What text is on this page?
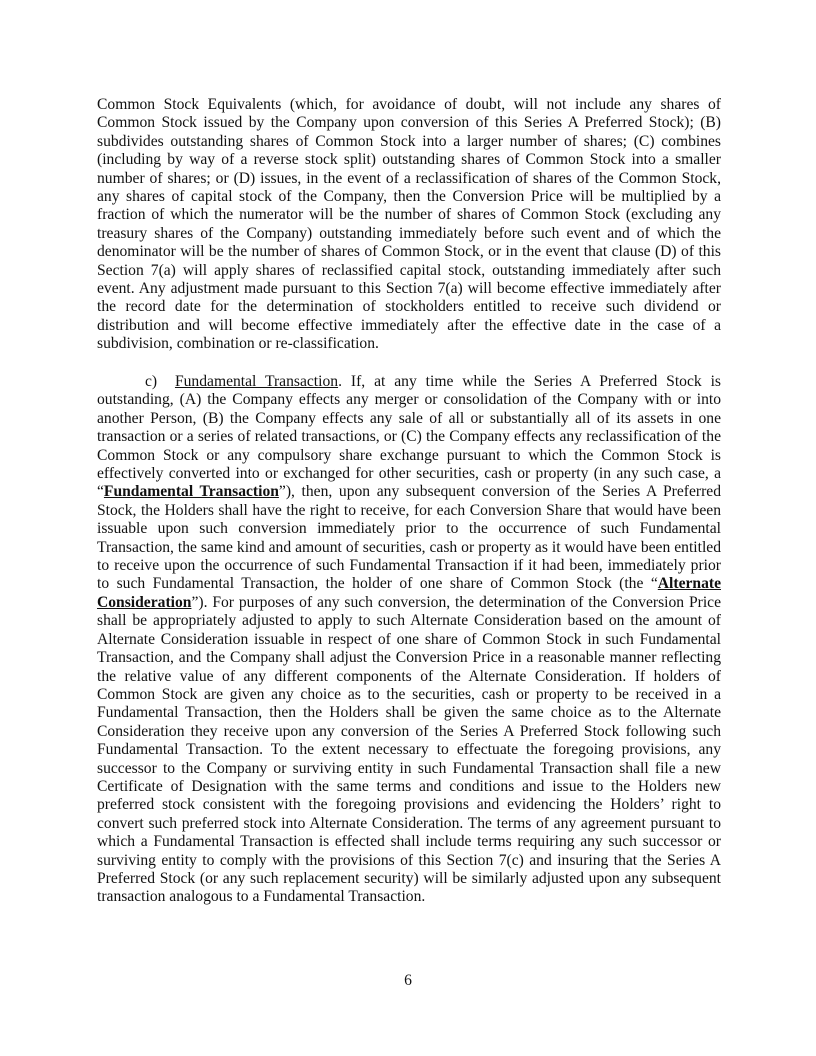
Common Stock Equivalents (which, for avoidance of doubt, will not include any shares of Common Stock issued by the Company upon conversion of this Series A Preferred Stock); (B) subdivides outstanding shares of Common Stock into a larger number of shares; (C) combines (including by way of a reverse stock split) outstanding shares of Common Stock into a smaller number of shares; or (D) issues, in the event of a reclassification of shares of the Common Stock, any shares of capital stock of the Company, then the Conversion Price will be multiplied by a fraction of which the numerator will be the number of shares of Common Stock (excluding any treasury shares of the Company) outstanding immediately before such event and of which the denominator will be the number of shares of Common Stock, or in the event that clause (D) of this Section 7(a) will apply shares of reclassified capital stock, outstanding immediately after such event. Any adjustment made pursuant to this Section 7(a) will become effective immediately after the record date for the determination of stockholders entitled to receive such dividend or distribution and will become effective immediately after the effective date in the case of a subdivision, combination or re-classification.

c) Fundamental Transaction. If, at any time while the Series A Preferred Stock is outstanding, (A) the Company effects any merger or consolidation of the Company with or into another Person, (B) the Company effects any sale of all or substantially all of its assets in one transaction or a series of related transactions, or (C) the Company effects any reclassification of the Common Stock or any compulsory share exchange pursuant to which the Common Stock is effectively converted into or exchanged for other securities, cash or property (in any such case, a “Fundamental Transaction”), then, upon any subsequent conversion of the Series A Preferred Stock, the Holders shall have the right to receive, for each Conversion Share that would have been issuable upon such conversion immediately prior to the occurrence of such Fundamental Transaction, the same kind and amount of securities, cash or property as it would have been entitled to receive upon the occurrence of such Fundamental Transaction if it had been, immediately prior to such Fundamental Transaction, the holder of one share of Common Stock (the “Alternate Consideration”). For purposes of any such conversion, the determination of the Conversion Price shall be appropriately adjusted to apply to such Alternate Consideration based on the amount of Alternate Consideration issuable in respect of one share of Common Stock in such Fundamental Transaction, and the Company shall adjust the Conversion Price in a reasonable manner reflecting the relative value of any different components of the Alternate Consideration. If holders of Common Stock are given any choice as to the securities, cash or property to be received in a Fundamental Transaction, then the Holders shall be given the same choice as to the Alternate Consideration they receive upon any conversion of the Series A Preferred Stock following such Fundamental Transaction. To the extent necessary to effectuate the foregoing provisions, any successor to the Company or surviving entity in such Fundamental Transaction shall file a new Certificate of Designation with the same terms and conditions and issue to the Holders new preferred stock consistent with the foregoing provisions and evidencing the Holders’ right to convert such preferred stock into Alternate Consideration. The terms of any agreement pursuant to which a Fundamental Transaction is effected shall include terms requiring any such successor or surviving entity to comply with the provisions of this Section 7(c) and insuring that the Series A Preferred Stock (or any such replacement security) will be similarly adjusted upon any subsequent transaction analogous to a Fundamental Transaction.

6
